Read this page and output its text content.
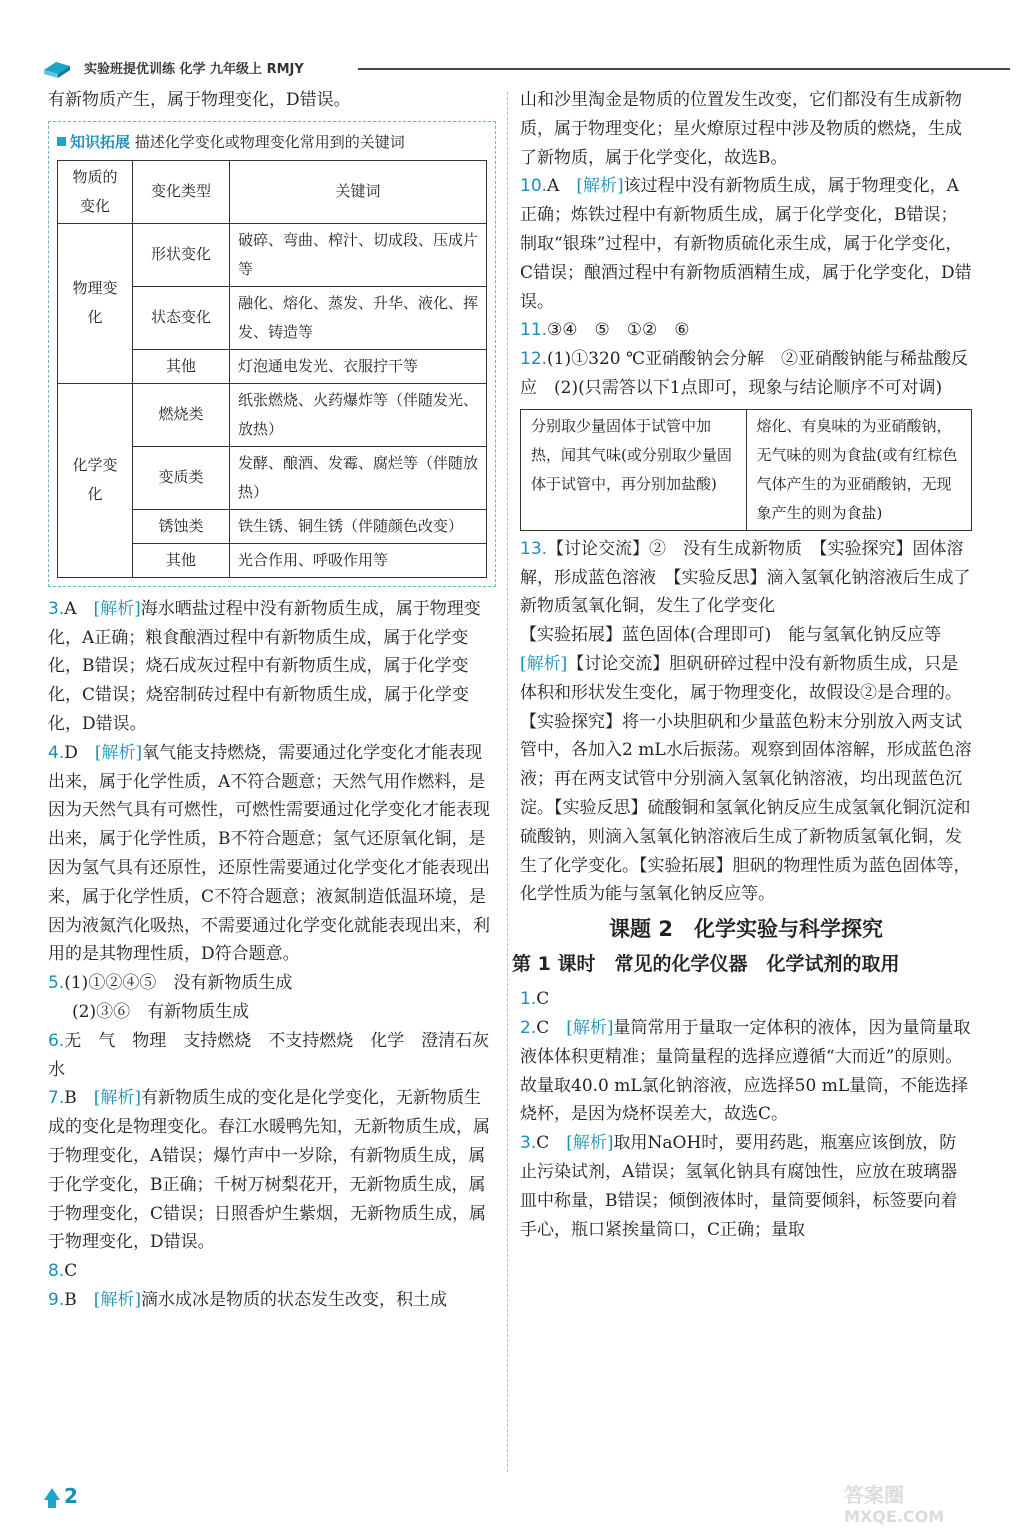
实验班提优训练 化学 九年级上 RMJY

有新物质产生，属于物理变化，D错误。

知识拓展 描述化学变化或物理变化常用到的关键词
物质的变化	变化类型	关键词
物理变化	形状变化	破碎、弯曲、榨汁、切成段、压成片等
	状态变化	融化、熔化、蒸发、升华、液化、挥发、铸造等
	其他	灯泡通电发光、衣服拧干等
化学变化	燃烧类	纸张燃烧、火药爆炸等（伴随发光、放热）
	变质类	发酵、酿酒、发霉、腐烂等（伴随放热）
	锈蚀类	铁生锈、铜生锈（伴随颜色改变）
	其他	光合作用、呼吸作用等

3.A　 [解析]海水晒盐过程中没有新物质生成，属于物理变化，A正确；粮食酿酒过程中有新物质生成，属于化学变化，B错误；烧石成灰过程中有新物质生成，属于化学变化，C错误；烧窑制砖过程中有新物质生成，属于化学变化，D错误。

4.D　 [解析]氧气能支持燃烧，需要通过化学变化才能表现出来，属于化学性质，A不符合题意；天然气用作燃料，是因为天然气具有可燃性，可燃性需要通过化学变化才能表现出来，属于化学性质，B不符合题意；氢气还原氧化铜，是因为氢气具有还原性，还原性需要通过化学变化才能表现出来，属于化学性质，C不符合题意；液氮制造低温环境，是因为液氮汽化吸热，不需要通过化学变化就能表现出来，利用的是其物理性质，D符合题意。

5.(1)①②④⑤　没有新物质生成

(2)③⑥　有新物质生成

6.无　气　物理　支持燃烧　不支持燃烧　化学　澄清石灰水

7.B　 [解析]有新物质生成的变化是化学变化，无新物质生成的变化是物理变化。春江水暖鸭先知，无新物质生成，属于物理变化，A错误；爆竹声中一岁除，有新物质生成，属于化学变化，B正确；千树万树梨花开，无新物质生成，属于物理变化，C错误；日照香炉生紫烟，无新物质生成，属于物理变化，D错误。

8.C

9.B　 [解析]滴水成冰是物质的状态发生改变，积土成

山和沙里淘金是物质的位置发生改变，它们都没有生成新物质，属于物理变化；星火燎原过程中涉及物质的燃烧，生成了新物质，属于化学变化，故选B。

10.A　 [解析]该过程中没有新物质生成，属于物理变化，A正确；炼铁过程中有新物质生成，属于化学变化，B错误；制取“银珠”过程中，有新物质硫化汞生成，属于化学变化，C错误；酿酒过程中有新物质酒精生成，属于化学变化，D错误。

11.③④　⑤　①②　⑥

12.(1)①320 ℃亚硝酸钠会分解　②亚硝酸钠能与稀盐酸反应　(2)(只需答以下1点即可，现象与结论顺序不可对调)

分别取少量固体于试管中加热，闻其气味(或分别取少量固体于试管中，再分别加盐酸)	熔化、有臭味的为亚硝酸钠，无气味的则为食盐(或有红棕色气体产生的为亚硝酸钠，无现象产生的则为食盐)

13.【讨论交流】②　没有生成新物质　【实验探究】固体溶解，形成蓝色溶液　【实验反思】滴入氢氧化钠溶液后生成了新物质氢氧化铜，发生了化学变化

【实验拓展】蓝色固体(合理即可)　能与氢氧化钠反应等

[解析]【讨论交流】胆矾研碎过程中没有新物质生成，只是体积和形状发生变化，属于物理变化，故假设②是合理的。【实验探究】将一小块胆矾和少量蓝色粉末分别放入两支试管中，各加入2 mL水后振荡。观察到固体溶解，形成蓝色溶液；再在两支试管中分别滴入氢氧化钠溶液，均出现蓝色沉淀。【实验反思】硫酸铜和氢氧化钠反应生成氢氧化铜沉淀和硫酸钠，则滴入氢氧化钠溶液后生成了新物质氢氧化铜，发生了化学变化。【实验拓展】胆矾的物理性质为蓝色固体等，化学性质为能与氢氧化钠反应等。

课题 2　化学实验与科学探究
第 1 课时　常见的化学仪器　化学试剂的取用

1.C

2.C　 [解析]量筒常用于量取一定体积的液体，因为量筒量取液体体积更精准；量筒量程的选择应遵循“大而近”的原则。故量取40.0 mL氯化钠溶液，应选择50 mL量筒，不能选择烧杯，是因为烧杯误差大，故选C。

3.C　 [解析]取用NaOH时，要用药匙，瓶塞应该倒放，防止污染试剂，A错误；氢氧化钠具有腐蚀性，应放在玻璃器皿中称量，B错误；倾倒液体时，量筒要倾斜，标签要向着手心，瓶口紧挨量筒口，C正确；量取

2	答案圈
MXQE.COM
